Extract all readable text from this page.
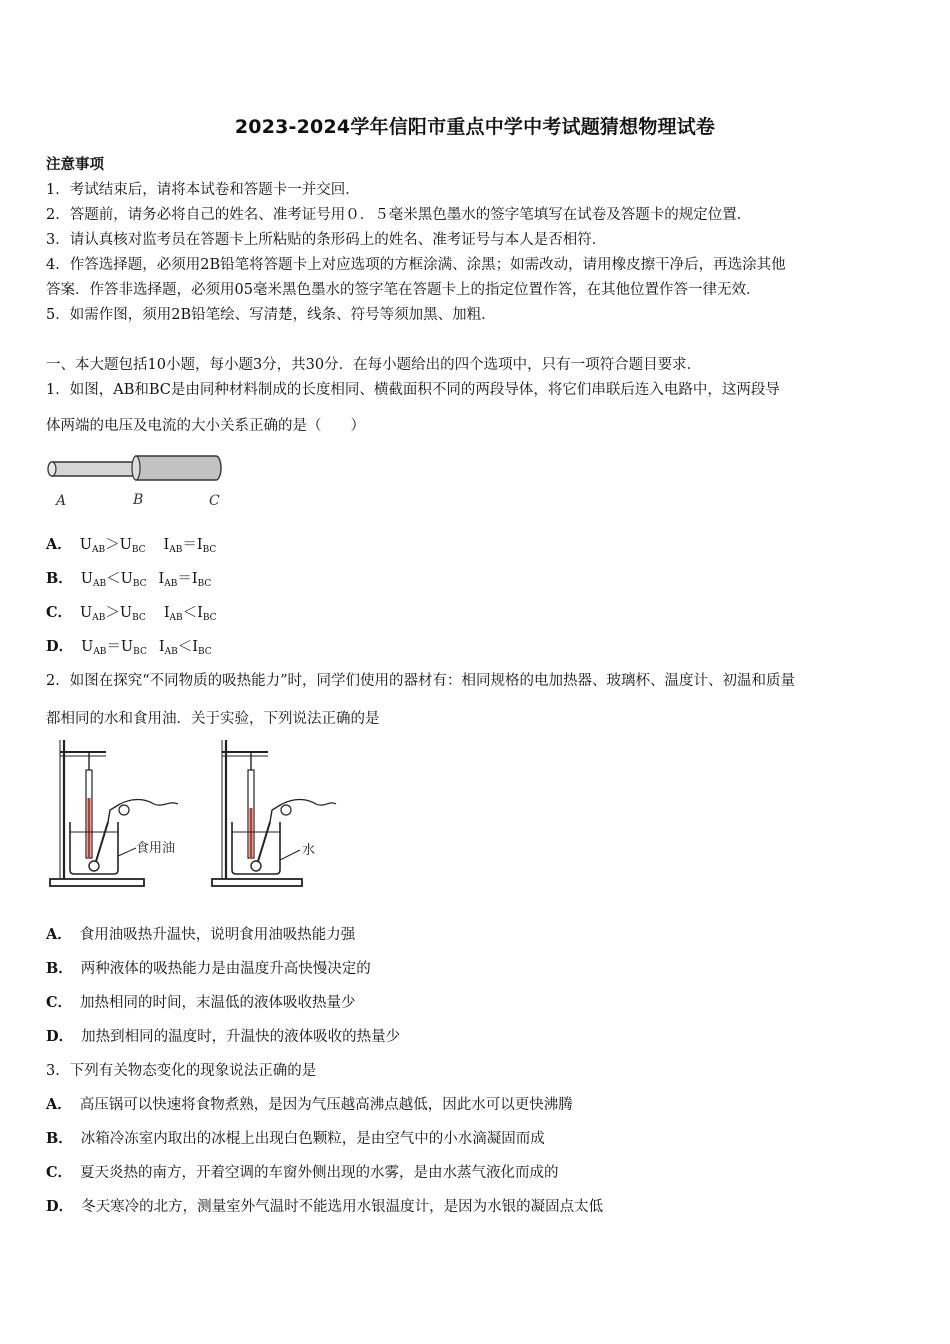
2023-2024学年信阳市重点中学中考试题猜想物理试卷
注意事项
1．考试结束后，请将本试卷和答题卡一并交回．
2．答题前，请务必将自己的姓名、准考证号用０．５毫米黑色墨水的签字笔填写在试卷及答题卡的规定位置．
3．请认真核对监考员在答题卡上所粘贴的条形码上的姓名、准考证号与本人是否相符．
4．作答选择题，必须用2B铅笔将答题卡上对应选项的方框涂满、涂黑；如需改动，请用橡皮擦干净后，再选涂其他
答案．作答非选择题，必须用05毫米黑色墨水的签字笔在答题卡上的指定位置作答，在其他位置作答一律无效．
5．如需作图，须用2B铅笔绘、写清楚，线条、符号等须加黑、加粗．
一、本大题包括10小题，每小题3分，共30分．在每小题给出的四个选项中，只有一项符合题目要求．
1．如图，AB和BC是由同种材料制成的长度相同、横截面积不同的两段导体，将它们串联后连入电路中，这两段导
体两端的电压及电流的大小关系正确的是（　　）
A	B	C
A． $U_{AB}>U_{BC}$ $I_{AB}=I_{BC}$
B． $U_{AB}<U_{BC}$ $I_{AB}=I_{BC}$
C． $U_{AB}>U_{BC}$ $I_{AB}<I_{BC}$
D． $U_{AB}=U_{BC}$ $I_{AB}<I_{BC}$
2．如图在探究“不同物质的吸热能力”时，同学们使用的器材有：相同规格的电加热器、玻璃杯、温度计、初温和质量
都相同的水和食用油．关于实验，下列说法正确的是
食用油	水
A． 食用油吸热升温快，说明食用油吸热能力强
B． 两种液体的吸热能力是由温度升高快慢决定的
C． 加热相同的时间，末温低的液体吸收热量少
D． 加热到相同的温度时，升温快的液体吸收的热量少
3．下列有关物态变化的现象说法正确的是
A． 高压锅可以快速将食物煮熟，是因为气压越高沸点越低，因此水可以更快沸腾
B． 冰箱冷冻室内取出的冰棍上出现白色颗粒，是由空气中的小水滴凝固而成
C． 夏天炎热的南方，开着空调的车窗外侧出现的水雾，是由水蒸气液化而成的
D． 冬天寒冷的北方，测量室外气温时不能选用水银温度计，是因为水银的凝固点太低
